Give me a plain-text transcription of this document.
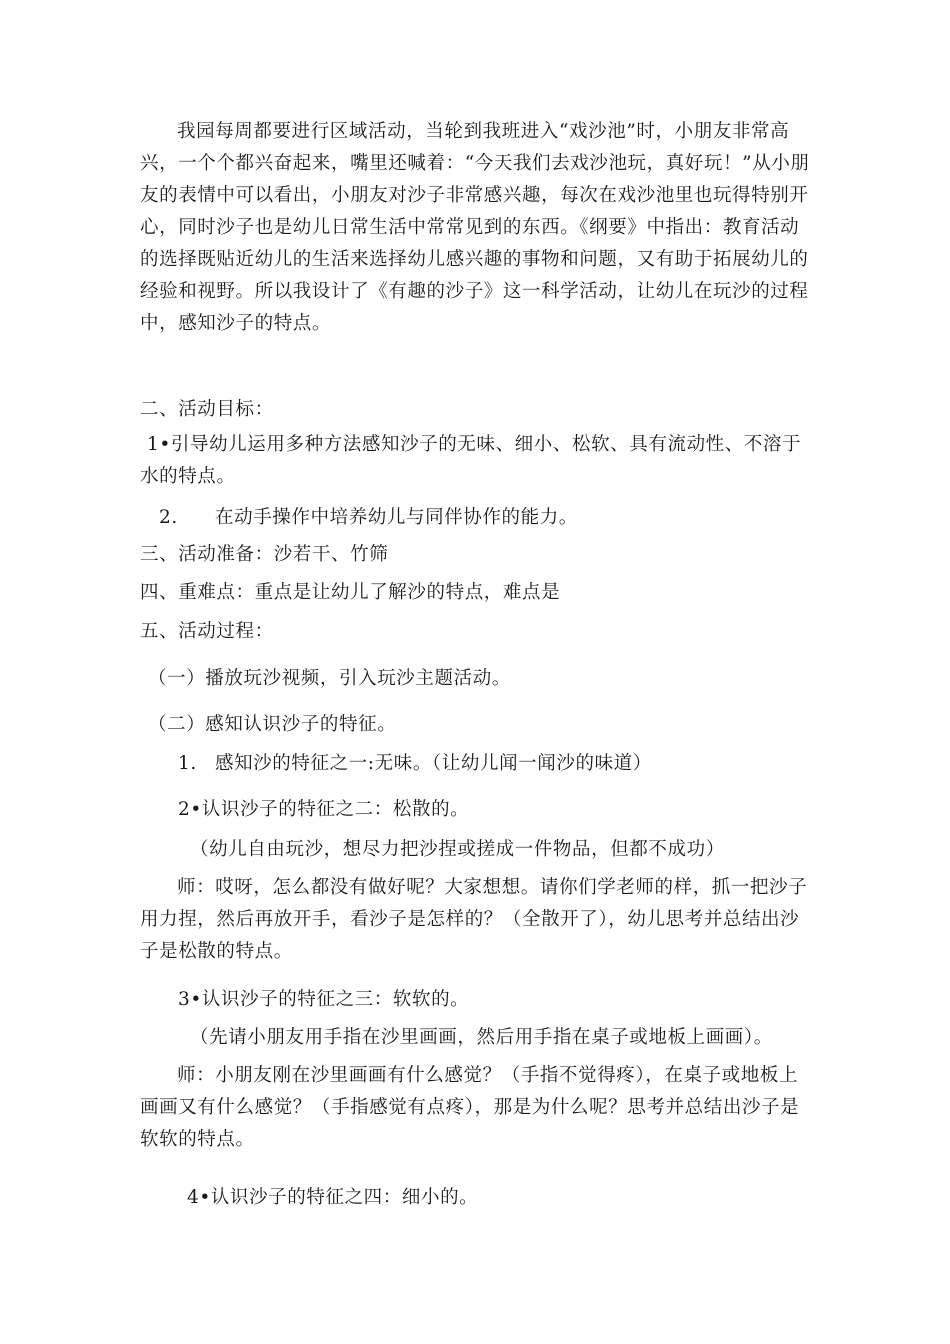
我园每周都要进行区域活动，当轮到我班进入“戏沙池”时，小朋友非常高兴，一个个都兴奋起来，嘴里还喊着：“今天我们去戏沙池玩，真好玩！”从小朋友的表情中可以看出，小朋友对沙子非常感兴趣，每次在戏沙池里也玩得特别开心，同时沙子也是幼儿日常生活中常常见到的东西。《纲要》中指出：教育活动的选择既贴近幼儿的生活来选择幼儿感兴趣的事物和问题，又有助于拓展幼儿的经验和视野。所以我设计了《有趣的沙子》这一科学活动，让幼儿在玩沙的过程中，感知沙子的特点。
二、活动目标：
1•引导幼儿运用多种方法感知沙子的无味、细小、松软、具有流动性、不溶于水的特点。
2. 在动手操作中培养幼儿与同伴协作的能力。
三、活动准备：沙若干、竹筛
四、重难点：重点是让幼儿了解沙的特点，难点是
五、活动过程：
（一）播放玩沙视频，引入玩沙主题活动。
（二）感知认识沙子的特征。
1. 感知沙的特征之一:无味。（让幼儿闻一闻沙的味道）
2•认识沙子的特征之二：松散的。
（幼儿自由玩沙，想尽力把沙捏或搓成一件物品，但都不成功）
师：哎呀，怎么都没有做好呢？大家想想。请你们学老师的样，抓一把沙子用力捏，然后再放开手，看沙子是怎样的？（全散开了），幼儿思考并总结出沙子是松散的特点。
3•认识沙子的特征之三：软软的。
（先请小朋友用手指在沙里画画，然后用手指在桌子或地板上画画）。
师：小朋友刚在沙里画画有什么感觉？（手指不觉得疼），在桌子或地板上画画又有什么感觉？（手指感觉有点疼），那是为什么呢？思考并总结出沙子是软软的特点。
4•认识沙子的特征之四：细小的。
